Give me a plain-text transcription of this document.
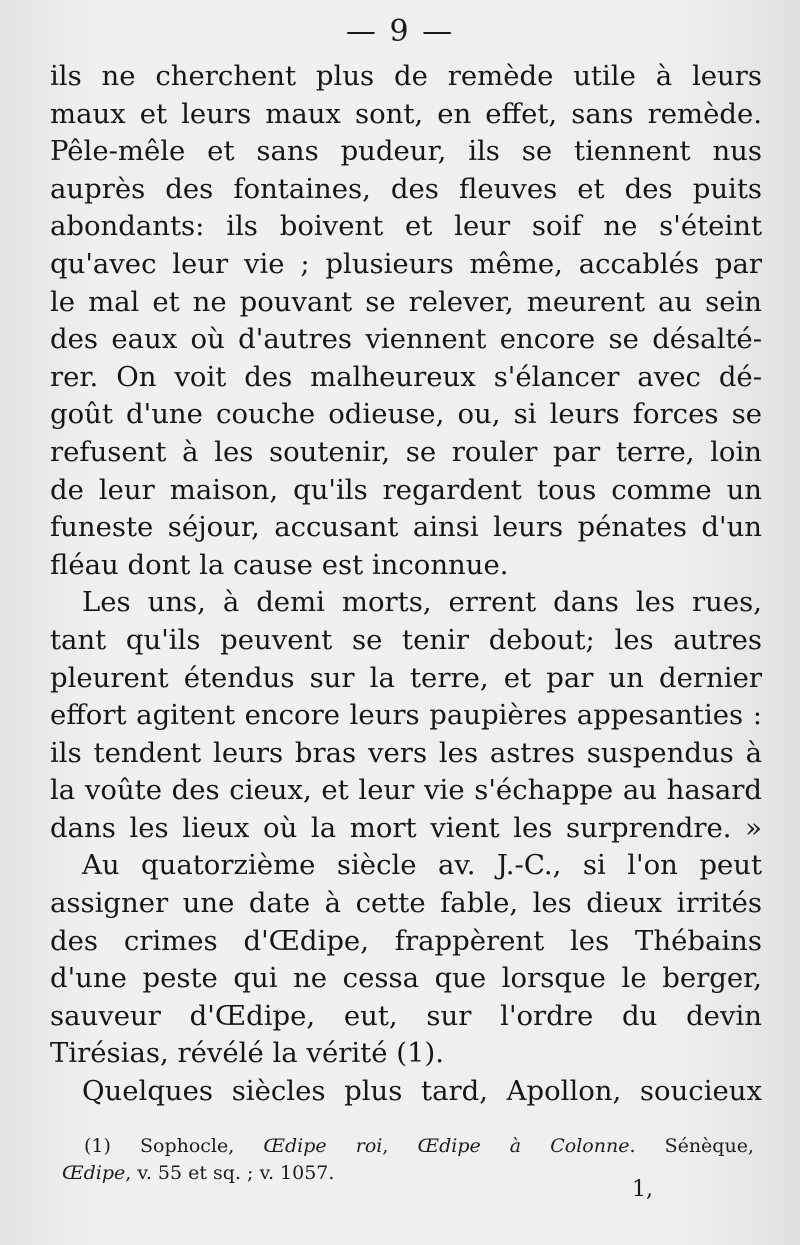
— 9 —
ils ne cherchent plus de remède utile à leurs
maux et leurs maux sont, en effet, sans remède.
Pêle-mêle et sans pudeur, ils se tiennent nus
auprès des fontaines, des fleuves et des puits
abondants: ils boivent et leur soif ne s'éteint
qu'avec leur vie ; plusieurs même, accablés par
le mal et ne pouvant se relever, meurent au sein
des eaux où d'autres viennent encore se désalté-
rer. On voit des malheureux s'élancer avec dé-
goût d'une couche odieuse, ou, si leurs forces se
refusent à les soutenir, se rouler par terre, loin
de leur maison, qu'ils regardent tous comme un
funeste séjour, accusant ainsi leurs pénates d'un
fléau dont la cause est inconnue.
Les uns, à demi morts, errent dans les rues,
tant qu'ils peuvent se tenir debout; les autres
pleurent étendus sur la terre, et par un dernier
effort agitent encore leurs paupières appesanties :
ils tendent leurs bras vers les astres suspendus à
la voûte des cieux, et leur vie s'échappe au hasard
dans les lieux où la mort vient les surprendre. »
Au quatorzième siècle av. J.-C., si l'on peut
assigner une date à cette fable, les dieux irrités
des crimes d'Œdipe, frappèrent les Thébains
d'une peste qui ne cessa que lorsque le berger,
sauveur d'Œdipe, eut, sur l'ordre du devin
Tirésias, révélé la vérité (1).
Quelques siècles plus tard, Apollon, soucieux
(1) Sophocle, Œdipe roi, Œdipe à Colonne. Sénèque,
Œdipe, v. 55 et sq. ; v. 1057.
1,
